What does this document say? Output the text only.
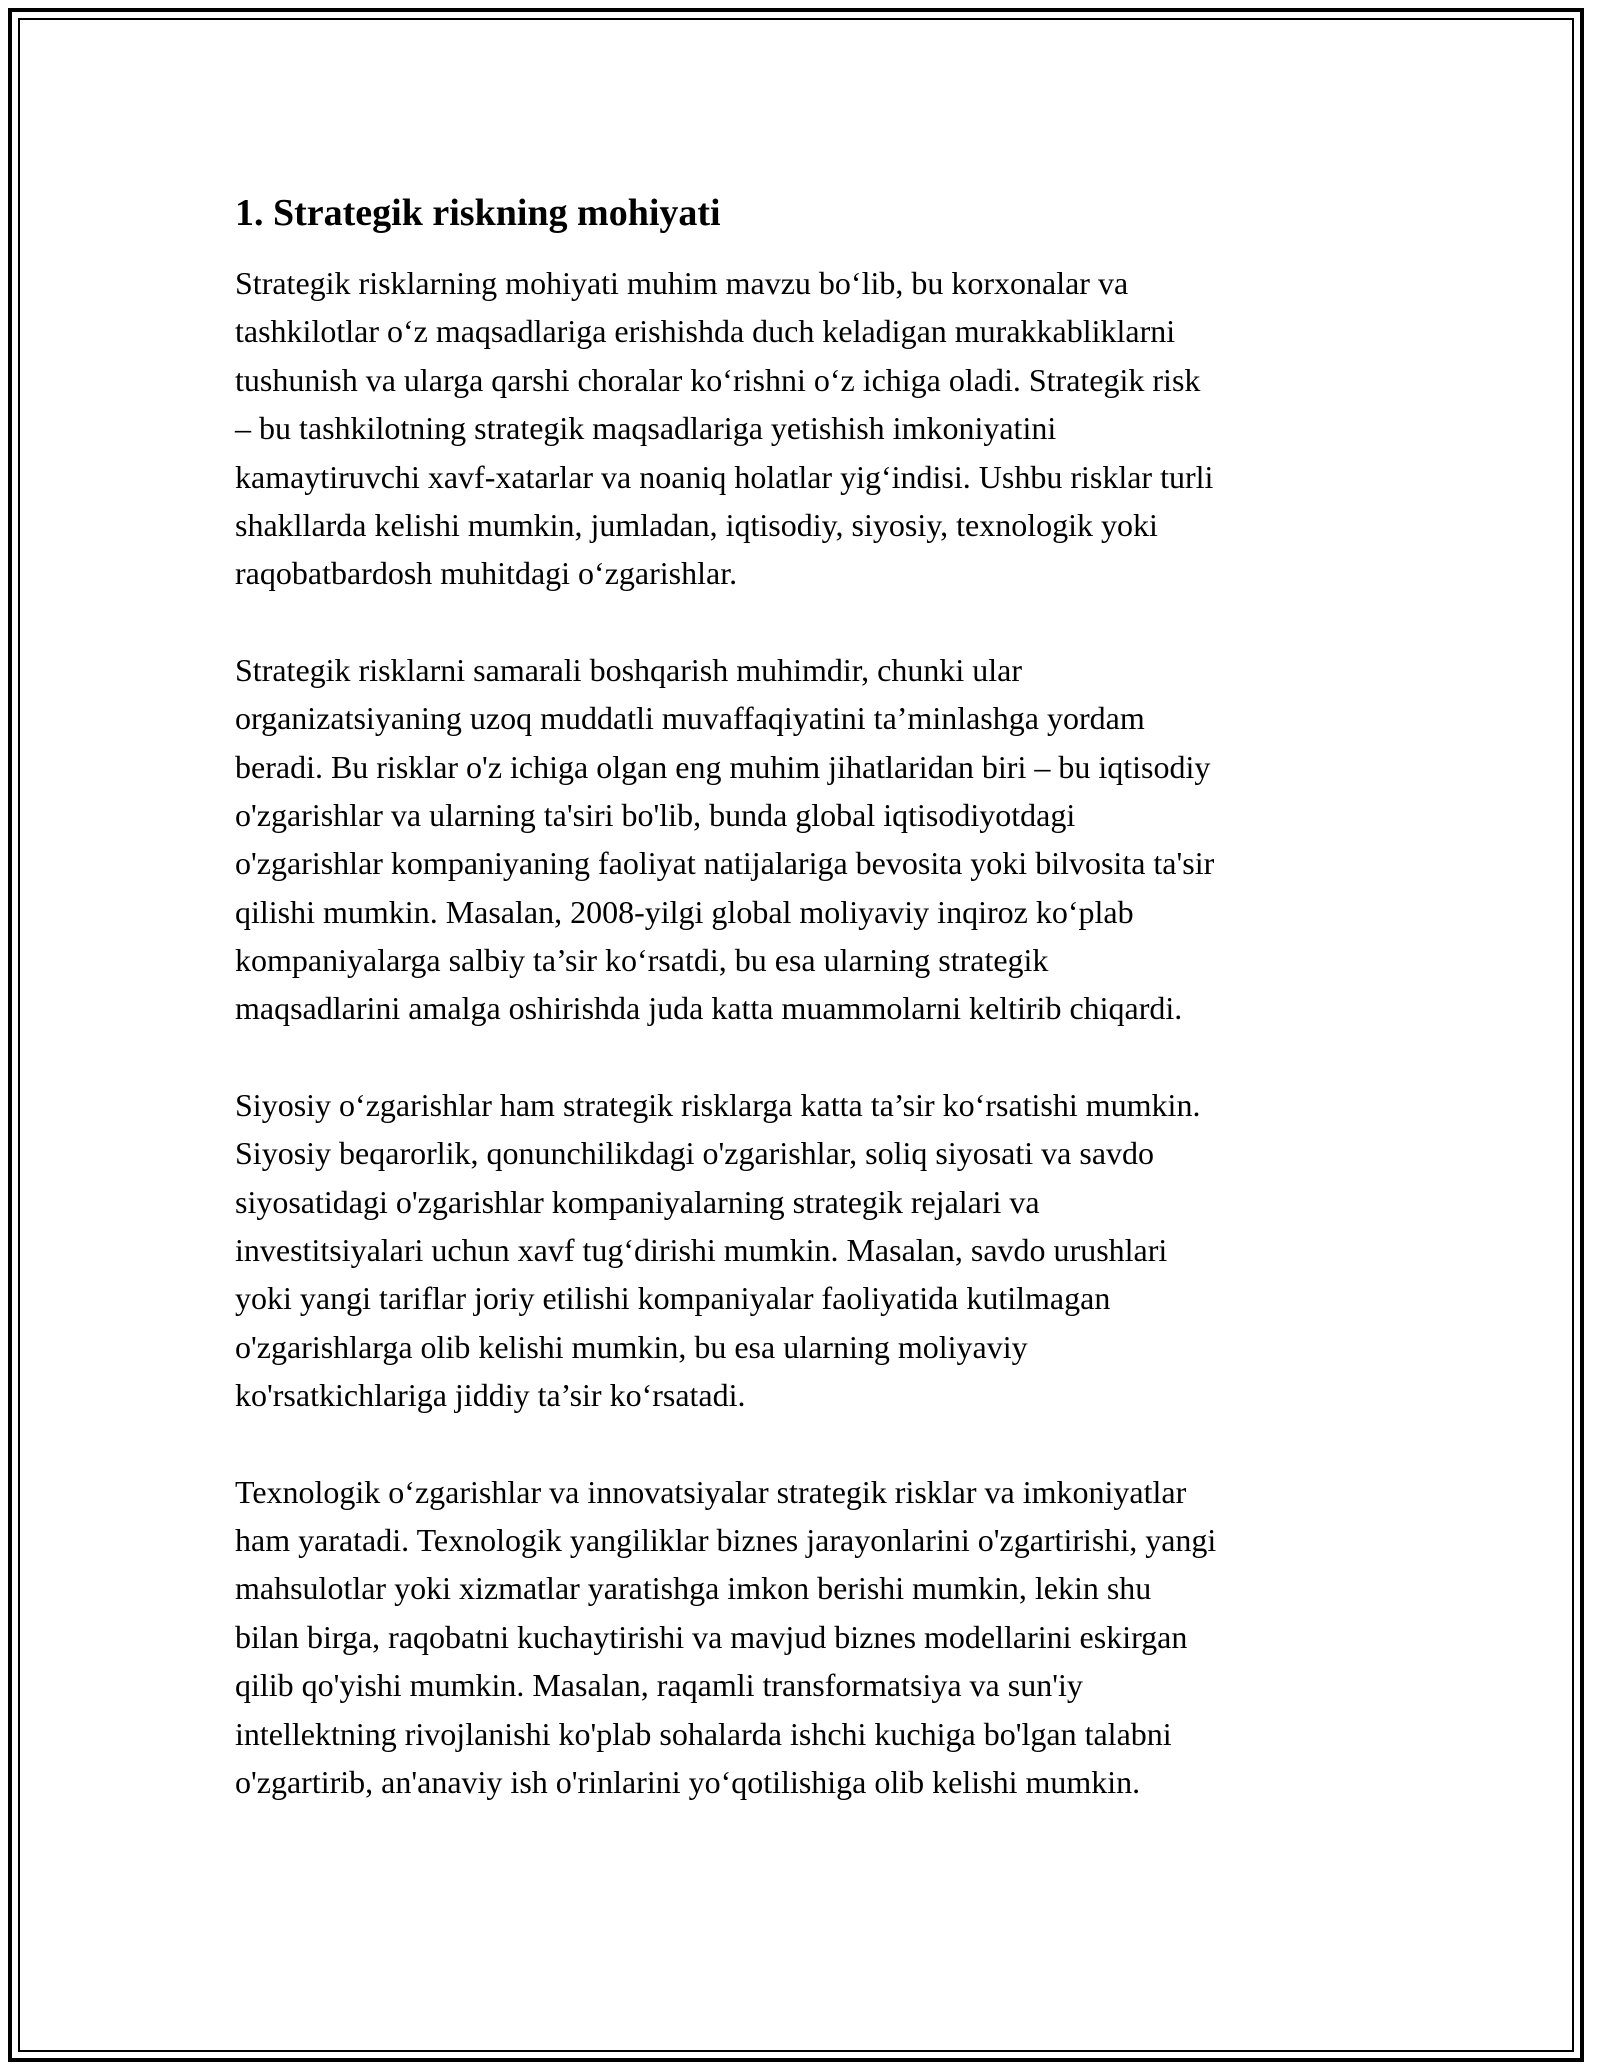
1. Strategik riskning mohiyati

Strategik risklarning mohiyati muhim mavzu bo‘lib, bu korxonalar va
tashkilotlar o‘z maqsadlariga erishishda duch keladigan murakkabliklarni
tushunish va ularga qarshi choralar ko‘rishni o‘z ichiga oladi. Strategik risk
– bu tashkilotning strategik maqsadlariga yetishish imkoniyatini
kamaytiruvchi xavf-xatarlar va noaniq holatlar yig‘indisi. Ushbu risklar turli
shakllarda kelishi mumkin, jumladan, iqtisodiy, siyosiy, texnologik yoki
raqobatbardosh muhitdagi o‘zgarishlar.

Strategik risklarni samarali boshqarish muhimdir, chunki ular
organizatsiyaning uzoq muddatli muvaffaqiyatini ta’minlashga yordam
beradi. Bu risklar o'z ichiga olgan eng muhim jihatlaridan biri – bu iqtisodiy
o'zgarishlar va ularning ta'siri bo'lib, bunda global iqtisodiyotdagi
o'zgarishlar kompaniyaning faoliyat natijalariga bevosita yoki bilvosita ta'sir
qilishi mumkin. Masalan, 2008-yilgi global moliyaviy inqiroz ko‘plab
kompaniyalarga salbiy ta’sir ko‘rsatdi, bu esa ularning strategik
maqsadlarini amalga oshirishda juda katta muammolarni keltirib chiqardi.

Siyosiy o‘zgarishlar ham strategik risklarga katta ta’sir ko‘rsatishi mumkin.
Siyosiy beqarorlik, qonunchilikdagi o'zgarishlar, soliq siyosati va savdo
siyosatidagi o'zgarishlar kompaniyalarning strategik rejalari va
investitsiyalari uchun xavf tug‘dirishi mumkin. Masalan, savdo urushlari
yoki yangi tariflar joriy etilishi kompaniyalar faoliyatida kutilmagan
o'zgarishlarga olib kelishi mumkin, bu esa ularning moliyaviy
ko'rsatkichlariga jiddiy ta’sir ko‘rsatadi.

Texnologik o‘zgarishlar va innovatsiyalar strategik risklar va imkoniyatlar
ham yaratadi. Texnologik yangiliklar biznes jarayonlarini o'zgartirishi, yangi
mahsulotlar yoki xizmatlar yaratishga imkon berishi mumkin, lekin shu
bilan birga, raqobatni kuchaytirishi va mavjud biznes modellarini eskirgan
qilib qo'yishi mumkin. Masalan, raqamli transformatsiya va sun'iy
intellektning rivojlanishi ko'plab sohalarda ishchi kuchiga bo'lgan talabni
o'zgartirib, an'anaviy ish o'rinlarini yo‘qotilishiga olib kelishi mumkin.
